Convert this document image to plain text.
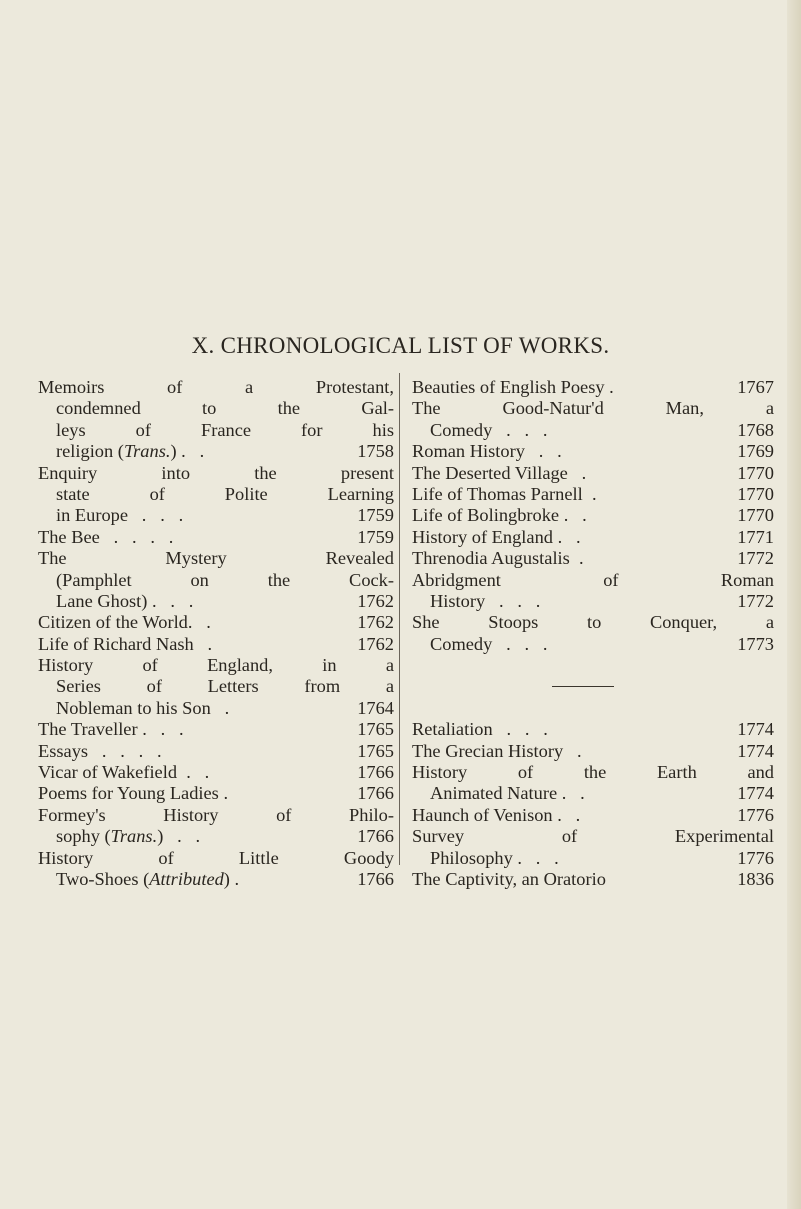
X. CHRONOLOGICAL LIST OF WORKS.
Memoirs of a Protestant,
condemned to the Gal-
leys of France for his
religion (Trans.) .   .	1758
Enquiry into the present
state of Polite Learning
in Europe   .   .   .	1759
The Bee   .   .   .   .	1759
The Mystery Revealed
(Pamphlet on the Cock-
Lane Ghost) .   .   .	1762
Citizen of the World.   .	1762
Life of Richard Nash   .	1762
History of England, in a
Series of Letters from a
Nobleman to his Son   .	1764
The Traveller .   .   .	1765
Essays   .   .   .   .	1765
Vicar of Wakefield  .   .	1766
Poems for Young Ladies .	1766
Formey's History of Philo-
sophy (Trans.)   .   .	1766
History of Little Goody
Two-Shoes (Attributed) .	1766
Beauties of English Poesy .	1767
The Good-Natur'd Man, a
Comedy   .   .   .	1768
Roman History   .   .	1769
The Deserted Village   .	1770
Life of Thomas Parnell  .	1770
Life of Bolingbroke .   .	1770
History of England .   .	1771
Threnodia Augustalis  .	1772
Abridgment of Roman
History   .   .   .	1772
She Stoops to Conquer, a
Comedy   .   .   .	1773
Retaliation   .   .   .	1774
The Grecian History   .	1774
History of the Earth and
Animated Nature .   .	1774
Haunch of Venison .   .	1776
Survey of Experimental
Philosophy .   .   .	1776
The Captivity, an Oratorio	1836
